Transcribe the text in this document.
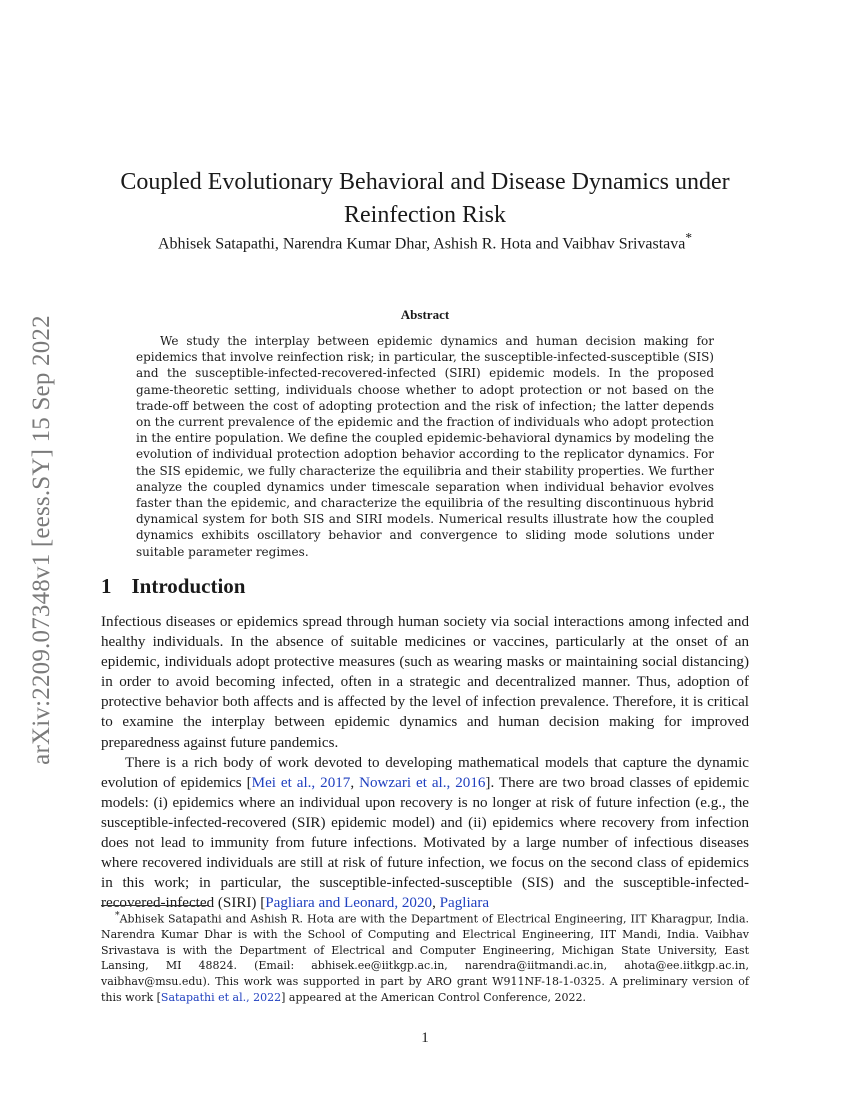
arXiv:2209.07348v1 [eess.SY] 15 Sep 2022
Coupled Evolutionary Behavioral and Disease Dynamics under Reinfection Risk
Abhisek Satapathi, Narendra Kumar Dhar, Ashish R. Hota and Vaibhav Srivastava*
Abstract

We study the interplay between epidemic dynamics and human decision making for epidemics that involve reinfection risk; in particular, the susceptible-infected-susceptible (SIS) and the susceptible-infected-recovered-infected (SIRI) epidemic models. In the proposed game-theoretic setting, individuals choose whether to adopt protection or not based on the trade-off between the cost of adopting protection and the risk of infection; the latter depends on the current prevalence of the epidemic and the fraction of individuals who adopt protection in the entire population. We define the coupled epidemic-behavioral dynamics by modeling the evolution of individual protection adoption behavior according to the replicator dynamics. For the SIS epidemic, we fully characterize the equilibria and their stability properties. We further analyze the coupled dynamics under timescale separation when individual behavior evolves faster than the epidemic, and characterize the equilibria of the resulting discontinuous hybrid dynamical system for both SIS and SIRI models. Numerical results illustrate how the coupled dynamics exhibits oscillatory behavior and convergence to sliding mode solutions under suitable parameter regimes.

1 Introduction

Infectious diseases or epidemics spread through human society via social interactions among infected and healthy individuals. In the absence of suitable medicines or vaccines, particularly at the onset of an epidemic, individuals adopt protective measures (such as wearing masks or maintaining social distancing) in order to avoid becoming infected, often in a strategic and decentralized manner. Thus, adoption of protective behavior both affects and is affected by the level of infection prevalence. Therefore, it is critical to examine the interplay between epidemic dynamics and human decision making for improved preparedness against future pandemics.

There is a rich body of work devoted to developing mathematical models that capture the dynamic evolution of epidemics [Mei et al., 2017, Nowzari et al., 2016]. There are two broad classes of epidemic models: (i) epidemics where an individual upon recovery is no longer at risk of future infection (e.g., the susceptible-infected-recovered (SIR) epidemic model) and (ii) epidemics where recovery from infection does not lead to immunity from future infections. Motivated by a large number of infectious diseases where recovered individuals are still at risk of future infection, we focus on the second class of epidemics in this work; in particular, the susceptible-infected-susceptible (SIS) and the susceptible-infected-recovered-infected (SIRI) [Pagliara and Leonard, 2020, Pagliara

*Abhisek Satapathi and Ashish R. Hota are with the Department of Electrical Engineering, IIT Kharagpur, India. Narendra Kumar Dhar is with the School of Computing and Electrical Engineering, IIT Mandi, India. Vaibhav Srivastava is with the Department of Electrical and Computer Engineering, Michigan State University, East Lansing, MI 48824. (Email: abhisek.ee@iitkgp.ac.in, narendra@iitmandi.ac.in, ahota@ee.iitkgp.ac.in, vaibhav@msu.edu). This work was supported in part by ARO grant W911NF-18-1-0325. A preliminary version of this work [Satapathi et al., 2022] appeared at the American Control Conference, 2022.

1
